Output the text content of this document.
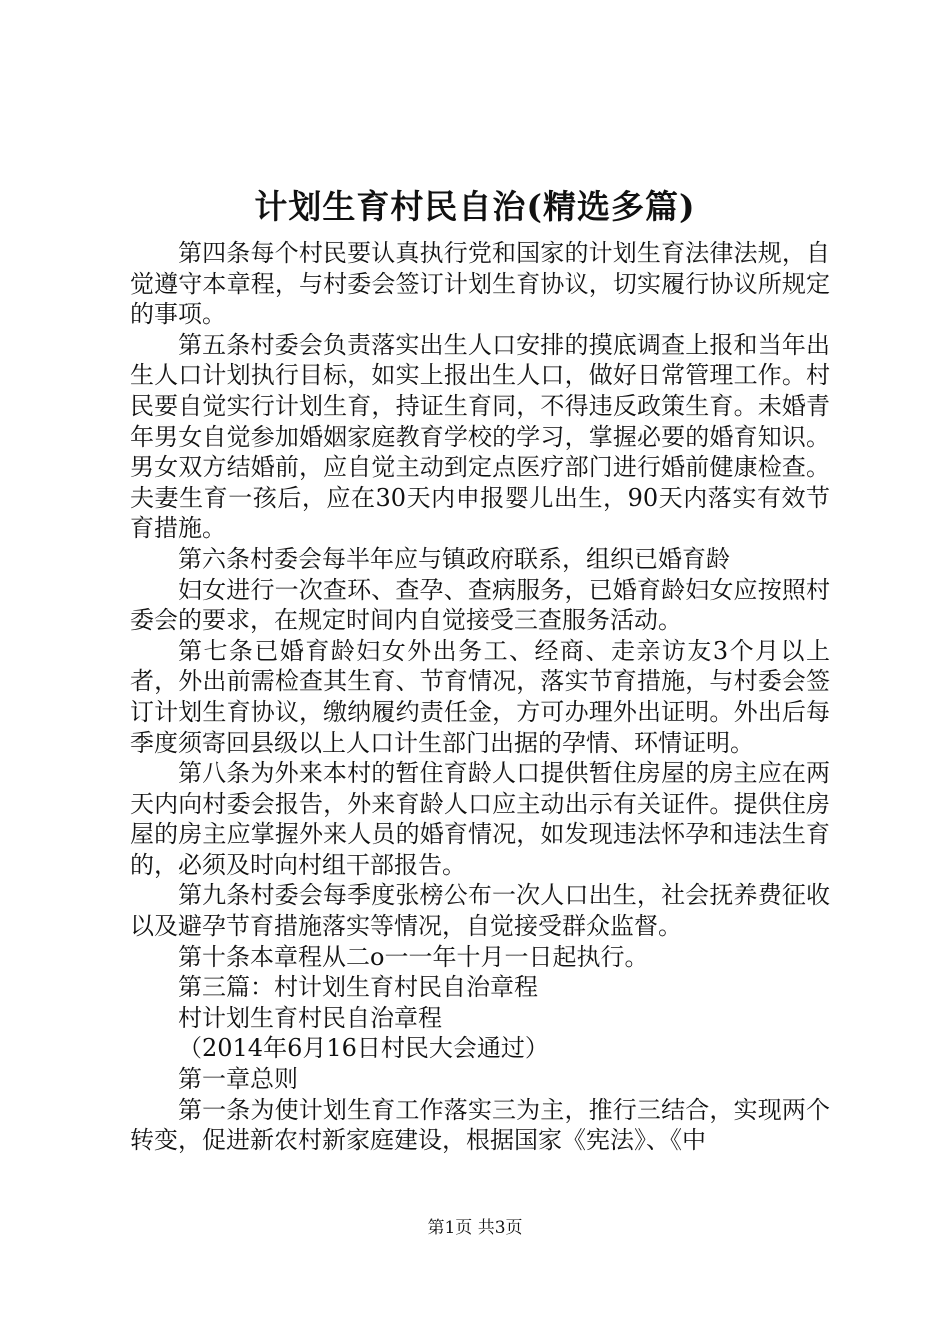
计划生育村民自治(精选多篇)

第四条每个村民要认真执行党和国家的计划生育法律法规，自觉遵守本章程，与村委会签订计划生育协议，切实履行协议所规定的事项。

第五条村委会负责落实出生人口安排的摸底调查上报和当年出生人口计划执行目标，如实上报出生人口，做好日常管理工作。村民要自觉实行计划生育，持证生育同，不得违反政策生育。未婚青年男女自觉参加婚姻家庭教育学校的学习，掌握必要的婚育知识。男女双方结婚前，应自觉主动到定点医疗部门进行婚前健康检查。夫妻生育一孩后，应在30天内申报婴儿出生，90天内落实有效节育措施。

第六条村委会每半年应与镇政府联系，组织已婚育龄

妇女进行一次查环、查孕、查病服务，已婚育龄妇女应按照村委会的要求，在规定时间内自觉接受三查服务活动。

第七条已婚育龄妇女外出务工、经商、走亲访友3个月以上者，外出前需检查其生育、节育情况，落实节育措施，与村委会签订计划生育协议，缴纳履约责任金，方可办理外出证明。外出后每季度须寄回县级以上人口计生部门出据的孕情、环情证明。

第八条为外来本村的暂住育龄人口提供暂住房屋的房主应在两天内向村委会报告，外来育龄人口应主动出示有关证件。提供住房屋的房主应掌握外来人员的婚育情况，如发现违法怀孕和违法生育的，必须及时向村组干部报告。

第九条村委会每季度张榜公布一次人口出生，社会抚养费征收以及避孕节育措施落实等情况，自觉接受群众监督。

第十条本章程从二o一一年十月一日起执行。

第三篇：村计划生育村民自治章程

村计划生育村民自治章程

（2014年6月16日村民大会通过）

第一章总则

第一条为使计划生育工作落实三为主，推行三结合，实现两个转变，促进新农村新家庭建设，根据国家《宪法》、《中

第1页 共3页
